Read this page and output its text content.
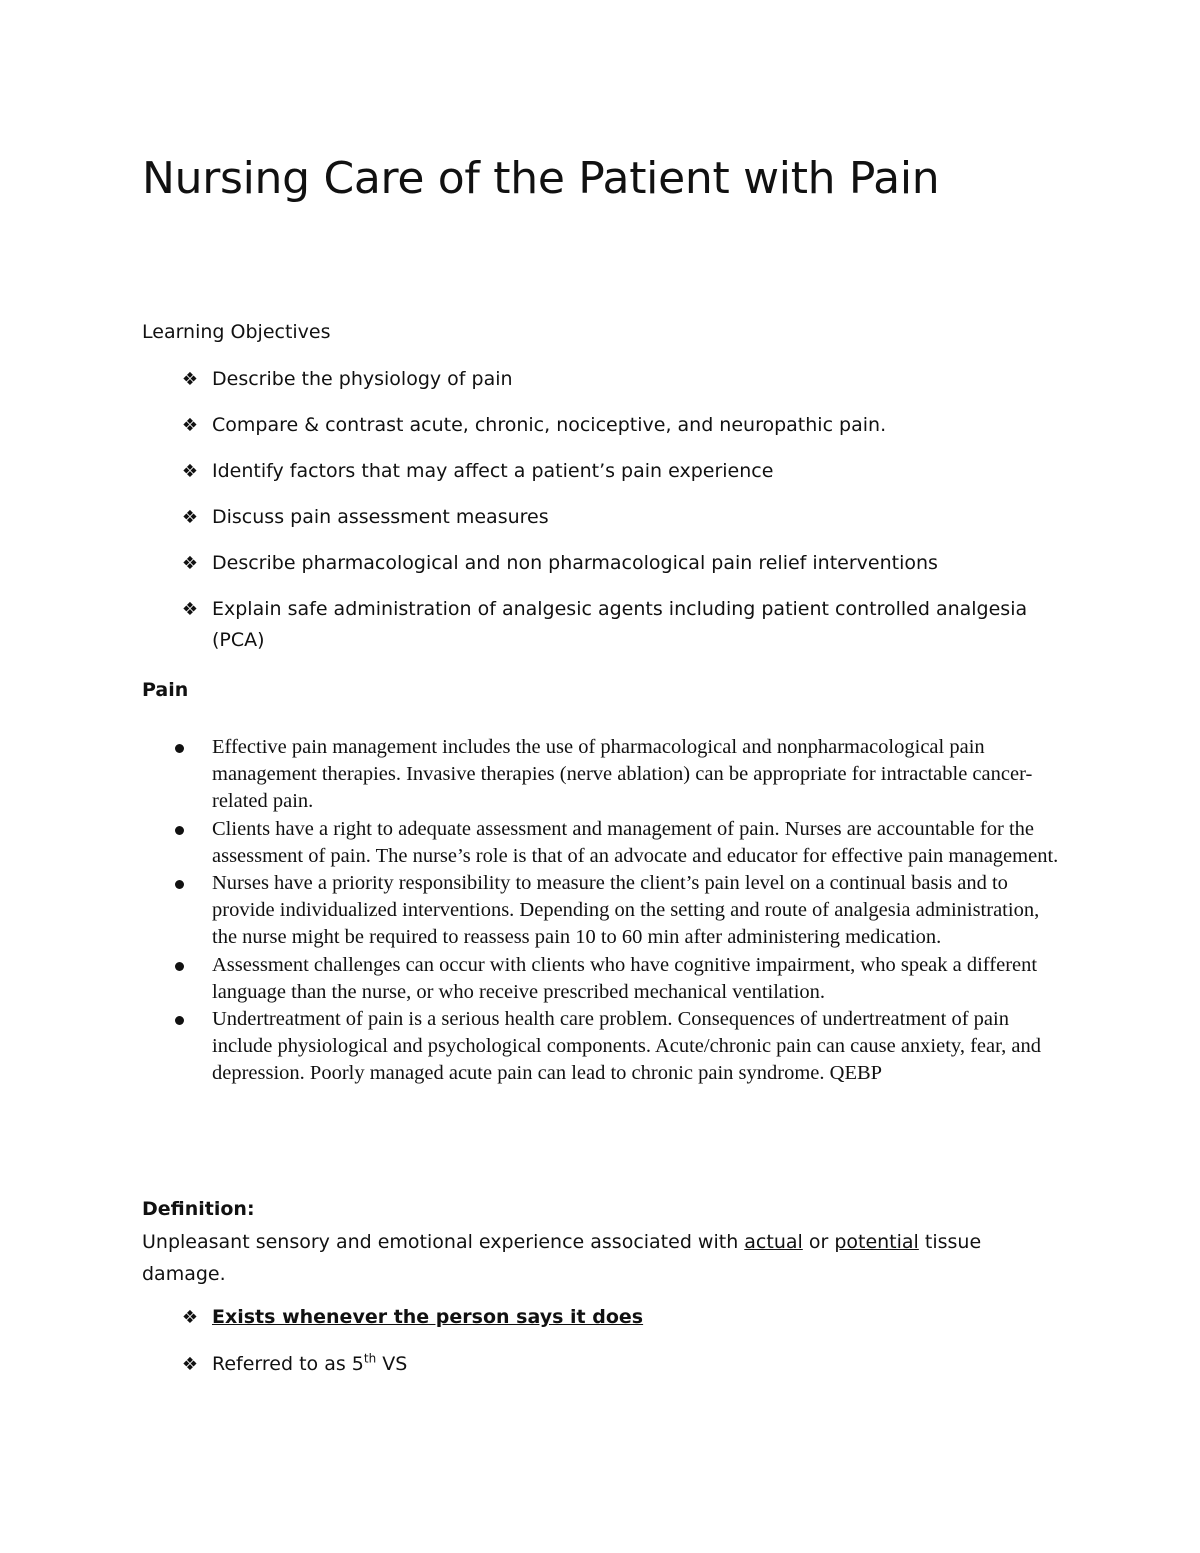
Nursing Care of the Patient with Pain

Learning Objectives

❖ Describe the physiology of pain
❖ Compare & contrast acute, chronic, nociceptive, and neuropathic pain.
❖ Identify factors that may affect a patient’s pain experience
❖ Discuss pain assessment measures
❖ Describe pharmacological and non pharmacological pain relief interventions
❖ Explain safe administration of analgesic agents including patient controlled analgesia (PCA)

Pain

Effective pain management includes the use of pharmacological and nonpharmacological pain management therapies. Invasive therapies (nerve ablation) can be appropriate for intractable cancer-related pain.
Clients have a right to adequate assessment and management of pain. Nurses are accountable for the assessment of pain. The nurse’s role is that of an advocate and educator for effective pain management.
Nurses have a priority responsibility to measure the client’s pain level on a continual basis and to provide individualized interventions. Depending on the setting and route of analgesia administration, the nurse might be required to reassess pain 10 to 60 min after administering medication.
Assessment challenges can occur with clients who have cognitive impairment, who speak a different language than the nurse, or who receive prescribed mechanical ventilation.
Undertreatment of pain is a serious health care problem. Consequences of undertreatment of pain include physiological and psychological components. Acute/chronic pain can cause anxiety, fear, and depression. Poorly managed acute pain can lead to chronic pain syndrome. QEBP

Definition:

Unpleasant sensory and emotional experience associated with actual or potential tissue damage.

❖ Exists whenever the person says it does
❖ Referred to as 5th VS
